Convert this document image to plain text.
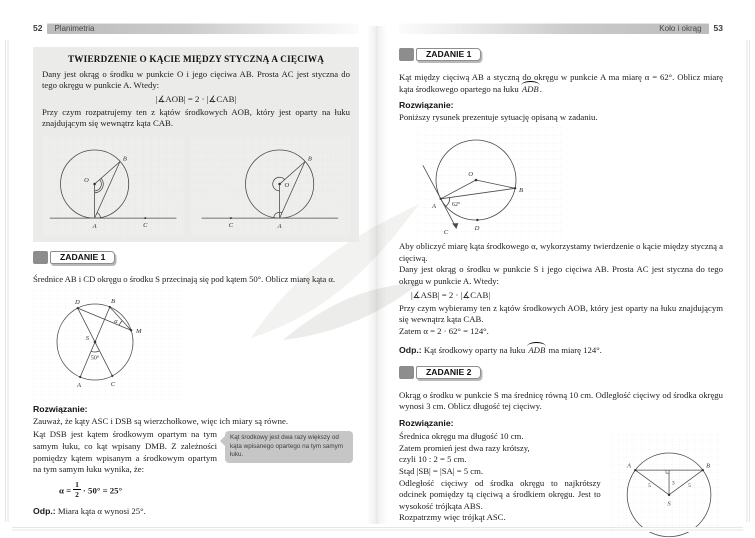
52	Planimetria
TWIERDZENIE O KĄCIE MIĘDZY STYCZNĄ A CIĘCIWĄ

Dany jest okrąg o środku w punkcie O i jego cięciwa AB. Prosta AC jest styczna do tego okręgu w punkcie A. Wtedy:

|∡AOB| = 2 · |∡CAB|

Przy czym rozpatrujemy ten z kątów środkowych AOB, który jest oparty na łuku znajdującym się wewnątrz kąta CAB.

O
A
B
C
O
A
B
C
ZADANIE 1
Średnice AB i CD okręgu o środku S przecinają się pod kątem 50°. Oblicz miarę kąta α.
D	B
M
S
A	C
50°
α
Rozwiązanie:
Zauważ, że kąty ASC i DSB są wierzchołkowe, więc ich miary są równe.
Kąt DSB jest kątem środkowym opartym na tym samym łuku, co kąt wpisany DMB. Z zależności pomiędzy kątem wpisanym a środkowym opartym na tym samym łuku wynika, że:
Kąt środkowy jest dwa razy większy od kąta wpisanego opartego na tym samym łuku.
$\alpha = \frac{1}{2} \cdot 50^\circ = 25^\circ$
Odp.: Miara kąta α wynosi 25°.
Koło i okrąg	53
ZADANIE 1
Kąt między cięciwą AB a styczną do okręgu w punkcie A ma miarę α = 62°. Oblicz miarę kąta środkowego opartego na łuku ADB.
Rozwiązanie:
Poniższy rysunek prezentuje sytuację opisaną w zadaniu.
O
A
B
C
D
62°
Aby obliczyć miarę kąta środkowego α, wykorzystamy twierdzenie o kącie między styczną a cięciwą.
Dany jest okrąg o środku w punkcie S i jego cięciwa AB. Prosta AC jest styczna do tego okręgu w punkcie A. Wtedy:
|∡ASB| = 2 · |∡CAB|
Przy czym wybieramy ten z kątów środkowych AOB, który jest oparty na łuku znajdującym się wewnątrz kąta CAB.
Zatem α = 2 · 62° = 124°.
Odp.: Kąt środkowy oparty na łuku ADB ma miarę 124°.
ZADANIE 2
Okrąg o środku w punkcie S ma średnicę równą 10 cm. Odległość cięciwy od środka okręgu wynosi 3 cm. Oblicz długość tej cięciwy.
Rozwiązanie:
Średnica okręgu ma długość 10 cm.
Zatem promień jest dwa razy krótszy,
czyli 10 : 2 = 5 cm.
Stąd |SB| = |SA| = 5 cm.
Odległość cięciwy od środka okręgu to najkrótszy odcinek pomiędzy tą cięciwą a środkiem okręgu. Jest to wysokość trójkąta ABS.
Rozpatrzmy więc trójkąt ASC.
A	B
S
5	5
3
